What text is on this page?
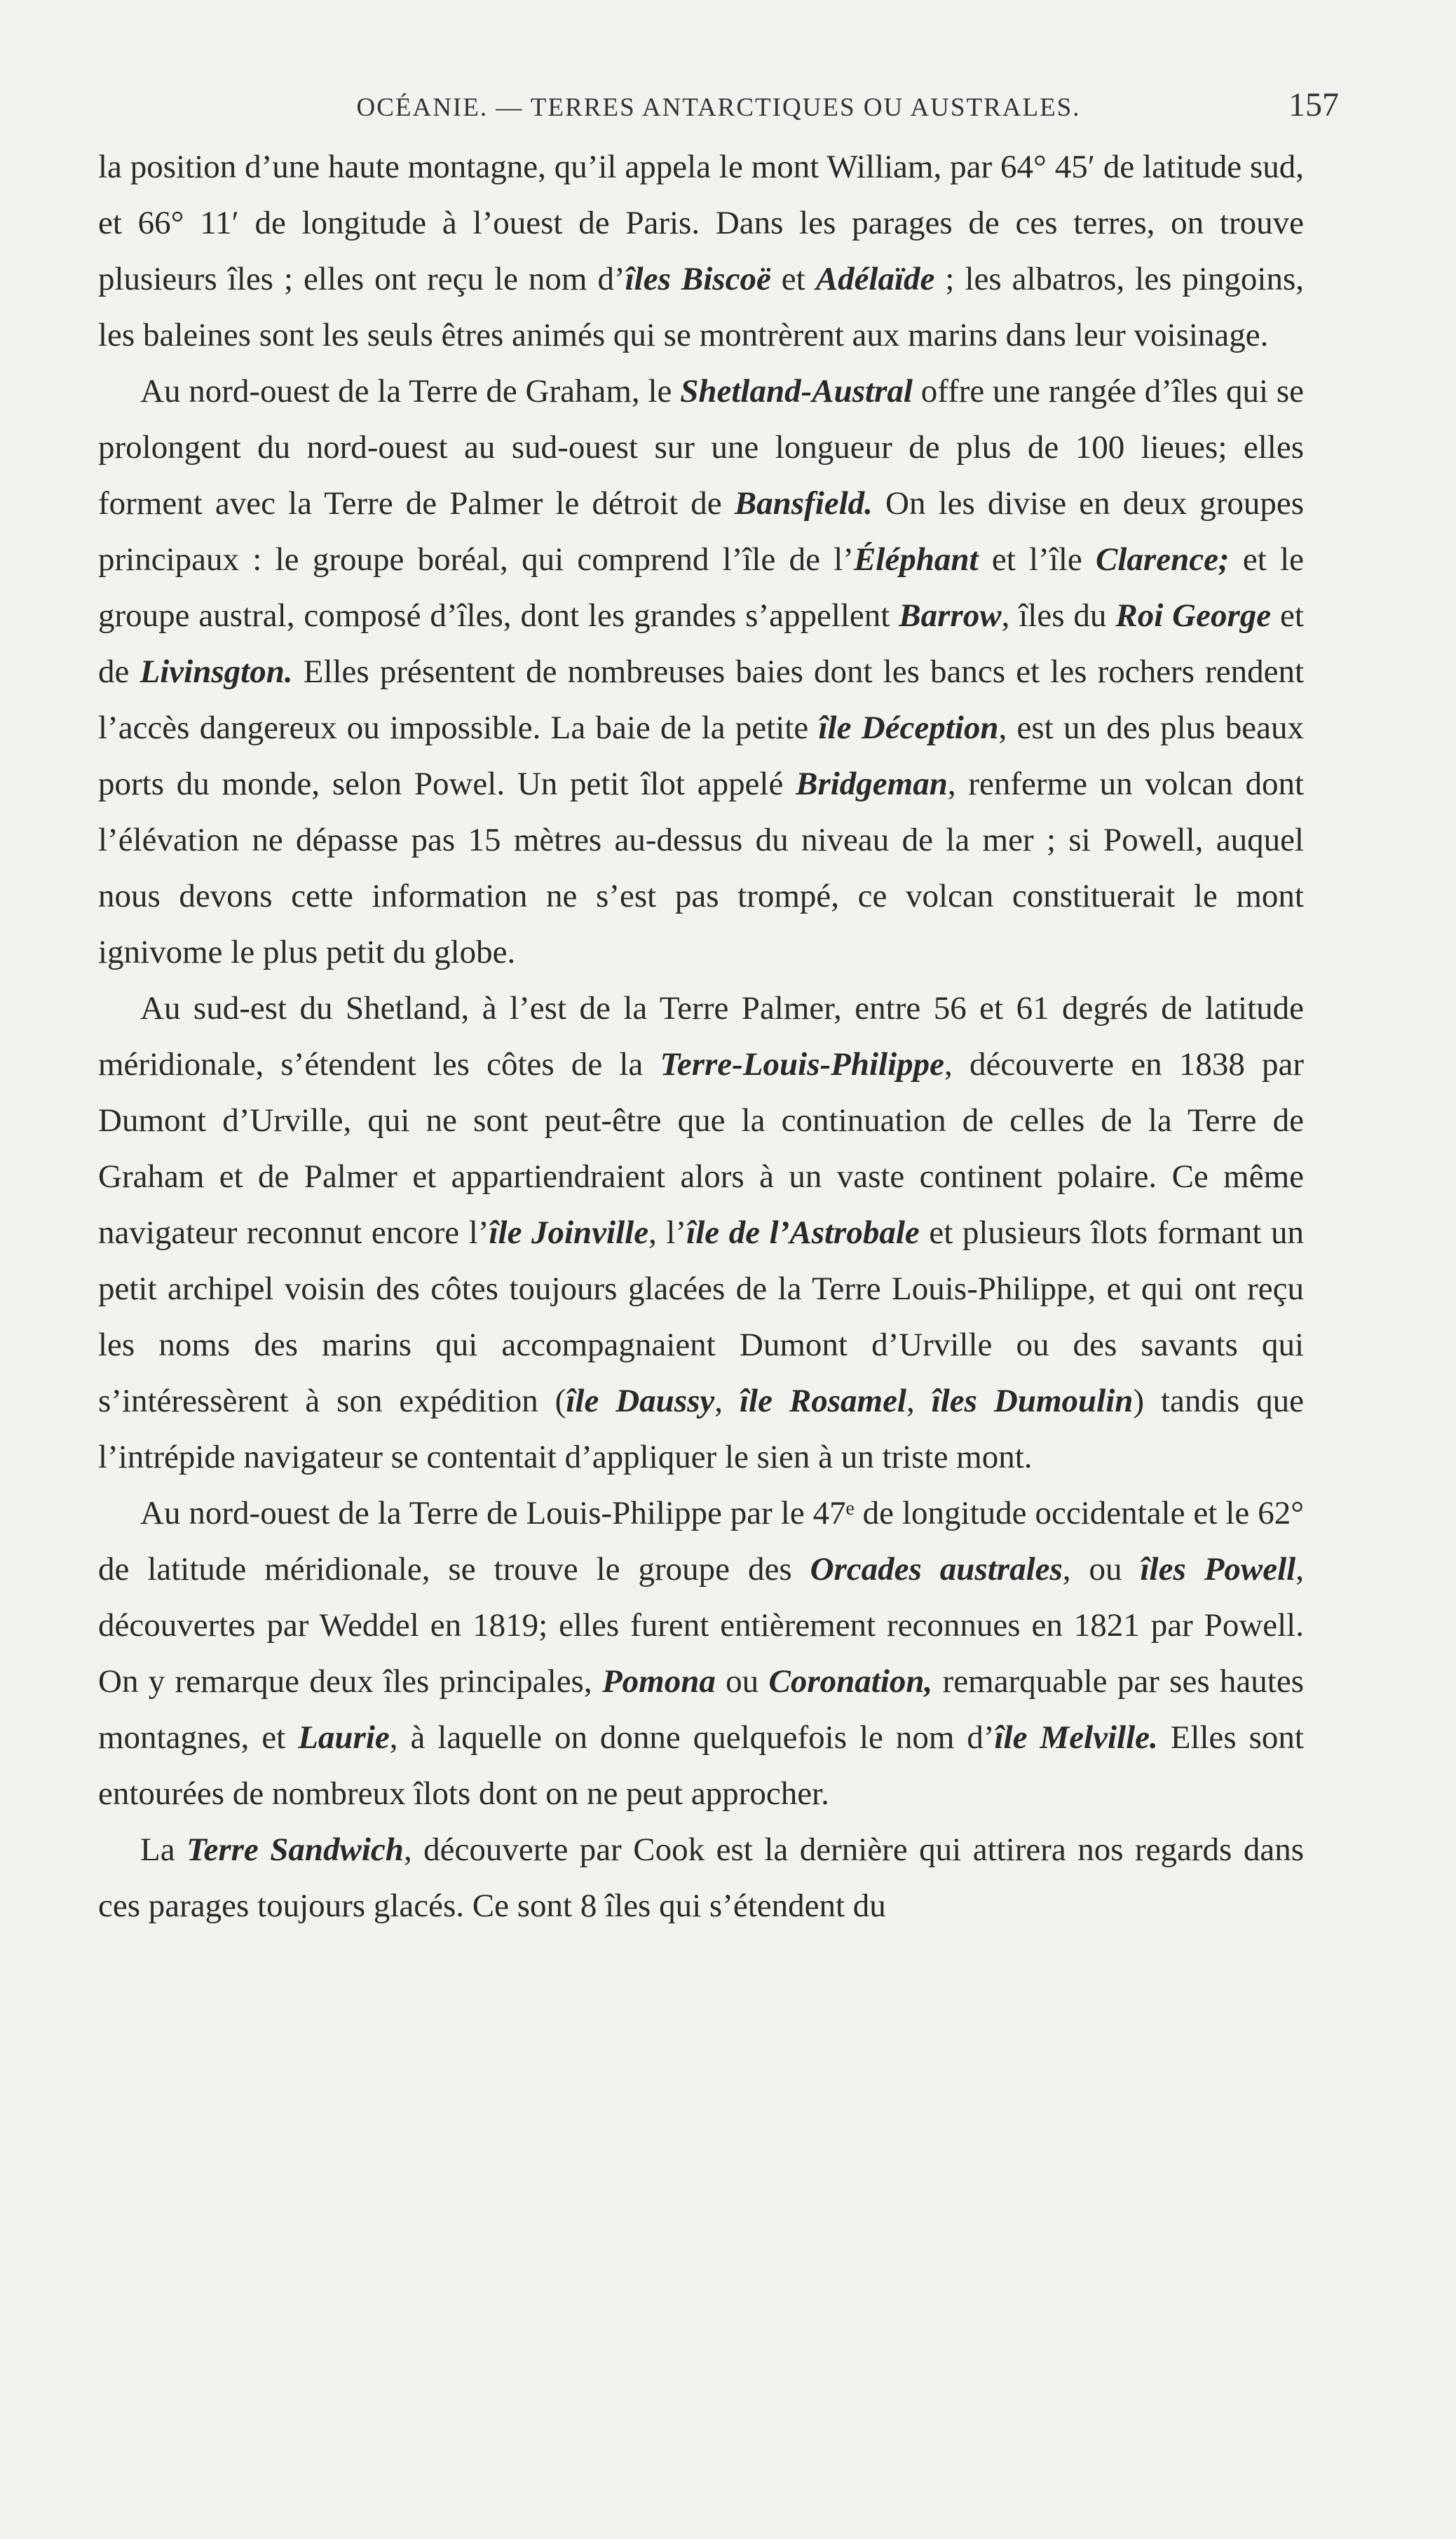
OCÉANIE. — TERRES ANTARCTIQUES OU AUSTRALES.	157

la position d’une haute montagne, qu’il appela le mont William, par 64° 45′ de latitude sud, et 66° 11′ de longitude à l’ouest de Paris. Dans les parages de ces terres, on trouve plusieurs îles ; elles ont reçu le nom d’îles Biscoë et Adélaïde ; les albatros, les pingoins, les baleines sont les seuls êtres animés qui se montrèrent aux marins dans leur voisinage.

Au nord-ouest de la Terre de Graham, le Shetland-Austral offre une rangée d’îles qui se prolongent du nord-ouest au sud-ouest sur une longueur de plus de 100 lieues; elles forment avec la Terre de Palmer le détroit de Bansfield. On les divise en deux groupes principaux : le groupe boréal, qui comprend l’île de l’Éléphant et l’île Clarence; et le groupe austral, composé d’îles, dont les grandes s’appellent Barrow, îles du Roi George et de Livinsgton. Elles présentent de nombreuses baies dont les bancs et les rochers rendent l’accès dangereux ou impossible. La baie de la petite île Déception, est un des plus beaux ports du monde, selon Powel. Un petit îlot appelé Bridgeman, renferme un volcan dont l’élévation ne dépasse pas 15 mètres au-dessus du niveau de la mer ; si Powell, auquel nous devons cette information ne s’est pas trompé, ce volcan constituerait le mont ignivome le plus petit du globe.

Au sud-est du Shetland, à l’est de la Terre Palmer, entre 56 et 61 degrés de latitude méridionale, s’étendent les côtes de la Terre-Louis-Philippe, découverte en 1838 par Dumont d’Urville, qui ne sont peut-être que la continuation de celles de la Terre de Graham et de Palmer et appartiendraient alors à un vaste continent polaire. Ce même navigateur reconnut encore l’île Joinville, l’île de l’Astrobale et plusieurs îlots formant un petit archipel voisin des côtes toujours glacées de la Terre Louis-Philippe, et qui ont reçu les noms des marins qui accompagnaient Dumont d’Urville ou des savants qui s’intéressèrent à son expédition (île Daussy, île Rosamel, îles Dumoulin) tandis que l’intrépide navigateur se contentait d’appliquer le sien à un triste mont.

Au nord-ouest de la Terre de Louis-Philippe par le 47ᵉ de longitude occidentale et le 62° de latitude méridionale, se trouve le groupe des Orcades australes, ou îles Powell, découvertes par Weddel en 1819; elles furent entièrement reconnues en 1821 par Powell. On y remarque deux îles principales, Pomona ou Coronation, remarquable par ses hautes montagnes, et Laurie, à laquelle on donne quelquefois le nom d’île Melville. Elles sont entourées de nombreux îlots dont on ne peut approcher.

La Terre Sandwich, découverte par Cook est la dernière qui attirera nos regards dans ces parages toujours glacés. Ce sont 8 îles qui s’étendent du
